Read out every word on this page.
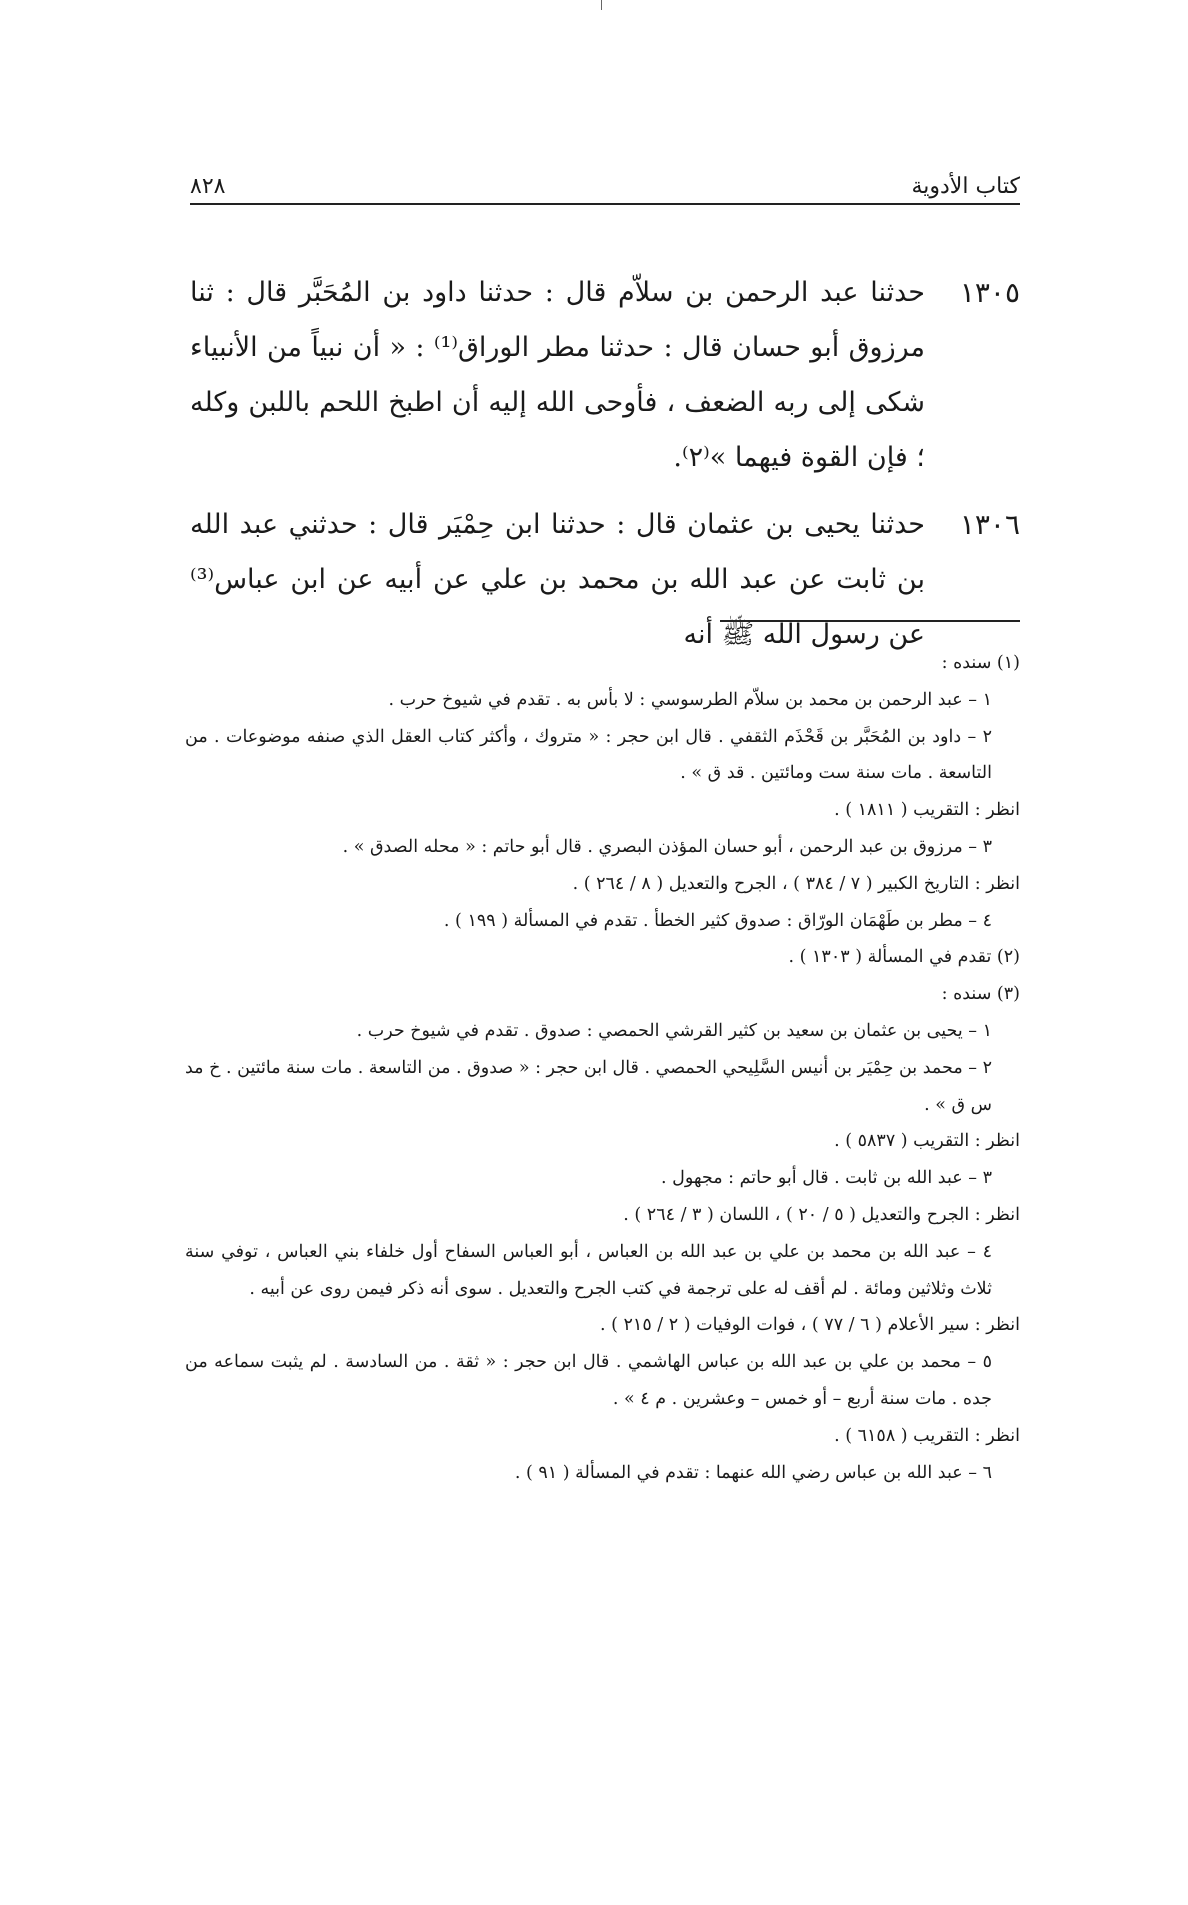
كتاب الأدوية
٨٢٨
١٣٠٥
حدثنا عبد الرحمن بن سلاّم قال : حدثنا داود بن المُحَبَّر قال : ثنا مرزوق أبو حسان قال : حدثنا مطر الوراق⁽¹⁾ : « أن نبياً من الأنبياء شكى إلى ربه الضعف ، فأوحى الله إليه أن اطبخ اللحم باللبن وكله ؛ فإن القوة فيهما »⁽٢⁾.
١٣٠٦
حدثنا يحيى بن عثمان قال : حدثنا ابن حِمْيَر قال : حدثني عبد الله بن ثابت عن عبد الله بن محمد بن علي عن أبيه عن ابن عباس⁽³⁾ عن رسول الله ﷺ أنه
(١) سنده :
١ – عبد الرحمن بن محمد بن سلاّم الطرسوسي : لا بأس به . تقدم في شيوخ حرب .
٢ – داود بن المُحَبَّر بن قَحْذَم الثقفي . قال ابن حجر : « متروك ، وأكثر كتاب العقل الذي صنفه موضوعات . من التاسعة . مات سنة ست ومائتين . قد ق » .
انظر : التقريب ( ١٨١١ ) .
٣ – مرزوق بن عبد الرحمن ، أبو حسان المؤذن البصري . قال أبو حاتم : « محله الصدق » .
انظر : التاريخ الكبير ( ٧ / ٣٨٤ ) ، الجرح والتعديل ( ٨ / ٢٦٤ ) .
٤ – مطر بن طَهْمَان الورّاق : صدوق كثير الخطأ . تقدم في المسألة ( ١٩٩ ) .
(٢) تقدم في المسألة ( ١٣٠٣ ) .
(٣) سنده :
١ – يحيى بن عثمان بن سعيد بن كثير القرشي الحمصي : صدوق . تقدم في شيوخ حرب .
٢ – محمد بن حِمْيَر بن أنيس السَّلِيحي الحمصي . قال ابن حجر : « صدوق . من التاسعة . مات سنة مائتين . خ مد س ق » .
انظر : التقريب ( ٥٨٣٧ ) .
٣ – عبد الله بن ثابت . قال أبو حاتم : مجهول .
انظر : الجرح والتعديل ( ٥ / ٢٠ ) ، اللسان ( ٣ / ٢٦٤ ) .
٤ – عبد الله بن محمد بن علي بن عبد الله بن العباس ، أبو العباس السفاح أول خلفاء بني العباس ، توفي سنة ثلاث وثلاثين ومائة . لم أقف له على ترجمة في كتب الجرح والتعديل . سوى أنه ذكر فيمن روى عن أبيه .
انظر : سير الأعلام ( ٦ / ٧٧ ) ، فوات الوفيات ( ٢ / ٢١٥ ) .
٥ – محمد بن علي بن عبد الله بن عباس الهاشمي . قال ابن حجر : « ثقة . من السادسة . لم يثبت سماعه من جده . مات سنة أربع – أو خمس – وعشرين . م ٤ » .
انظر : التقريب ( ٦١٥٨ ) .
٦ – عبد الله بن عباس رضي الله عنهما : تقدم في المسألة ( ٩١ ) .
